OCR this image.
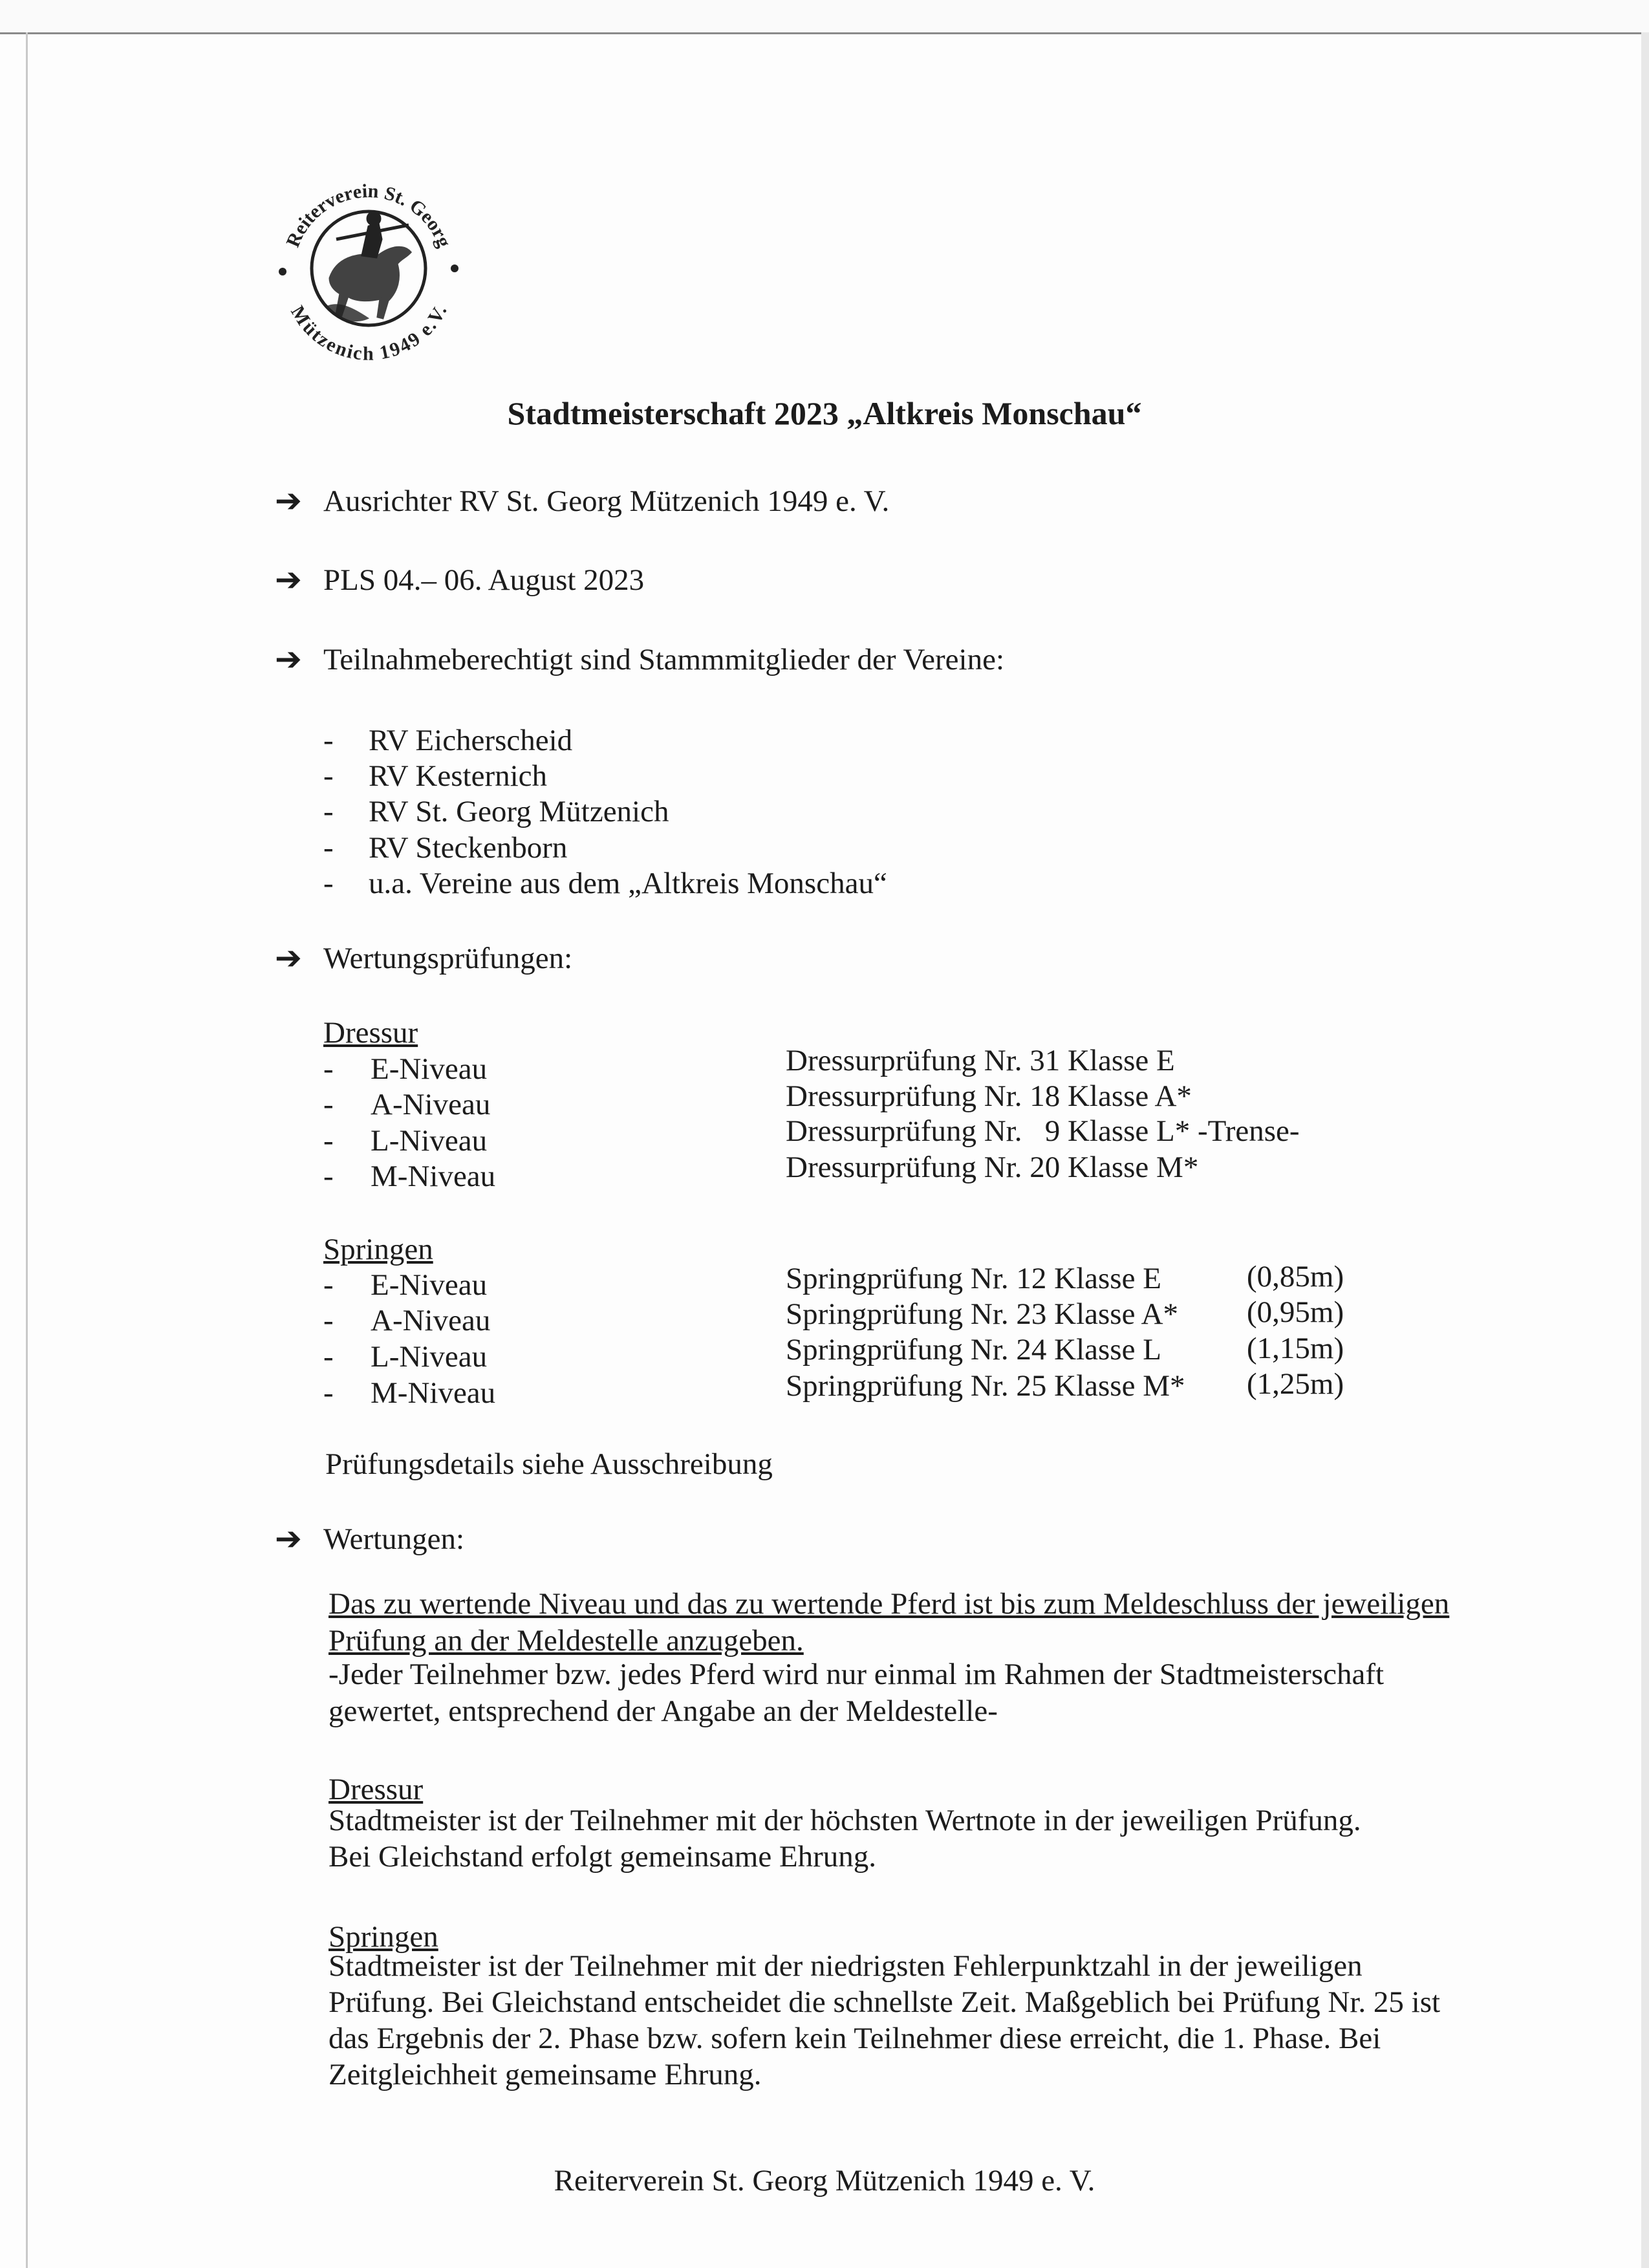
Reiterverein St. Georg
Mützenich 1949 e.V.
Stadtmeisterschaft 2023 „Altkreis Monschau“
➔ Ausrichter RV St. Georg Mützenich 1949 e. V.
➔ PLS 04.– 06. August 2023
➔ Teilnahmeberechtigt sind Stammmitglieder der Vereine:
- RV Eicherscheid
- RV Kesternich
- RV St. Georg Mützenich
- RV Steckenborn
- u.a. Vereine aus dem „Altkreis Monschau“
➔ Wertungsprüfungen:
Dressur
- E-Niveau	Dressurprüfung Nr. 31 Klasse E
- A-Niveau	Dressurprüfung Nr. 18 Klasse A*
- L-Niveau	Dressurprüfung Nr.   9 Klasse L* -Trense-
- M-Niveau	Dressurprüfung Nr. 20 Klasse M*
Springen
- E-Niveau	Springprüfung Nr. 12 Klasse E	(0,85m)
- A-Niveau	Springprüfung Nr. 23 Klasse A* (0,95m)
- L-Niveau	Springprüfung Nr. 24 Klasse L	(1,15m)
- M-Niveau	Springprüfung Nr. 25 Klasse M* (1,25m)
Prüfungsdetails siehe Ausschreibung
➔ Wertungen:
Das zu wertende Niveau und das zu wertende Pferd ist bis zum Meldeschluss der jeweiligen
Prüfung an der Meldestelle anzugeben.
-Jeder Teilnehmer bzw. jedes Pferd wird nur einmal im Rahmen der Stadtmeisterschaft
gewertet, entsprechend der Angabe an der Meldestelle-
Dressur
Stadtmeister ist der Teilnehmer mit der höchsten Wertnote in der jeweiligen Prüfung.
Bei Gleichstand erfolgt gemeinsame Ehrung.
Springen
Stadtmeister ist der Teilnehmer mit der niedrigsten Fehlerpunktzahl in der jeweiligen
Prüfung. Bei Gleichstand entscheidet die schnellste Zeit. Maßgeblich bei Prüfung Nr. 25 ist
das Ergebnis der 2. Phase bzw. sofern kein Teilnehmer diese erreicht, die 1. Phase. Bei
Zeitgleichheit gemeinsame Ehrung.
Reiterverein St. Georg Mützenich 1949 e. V.
